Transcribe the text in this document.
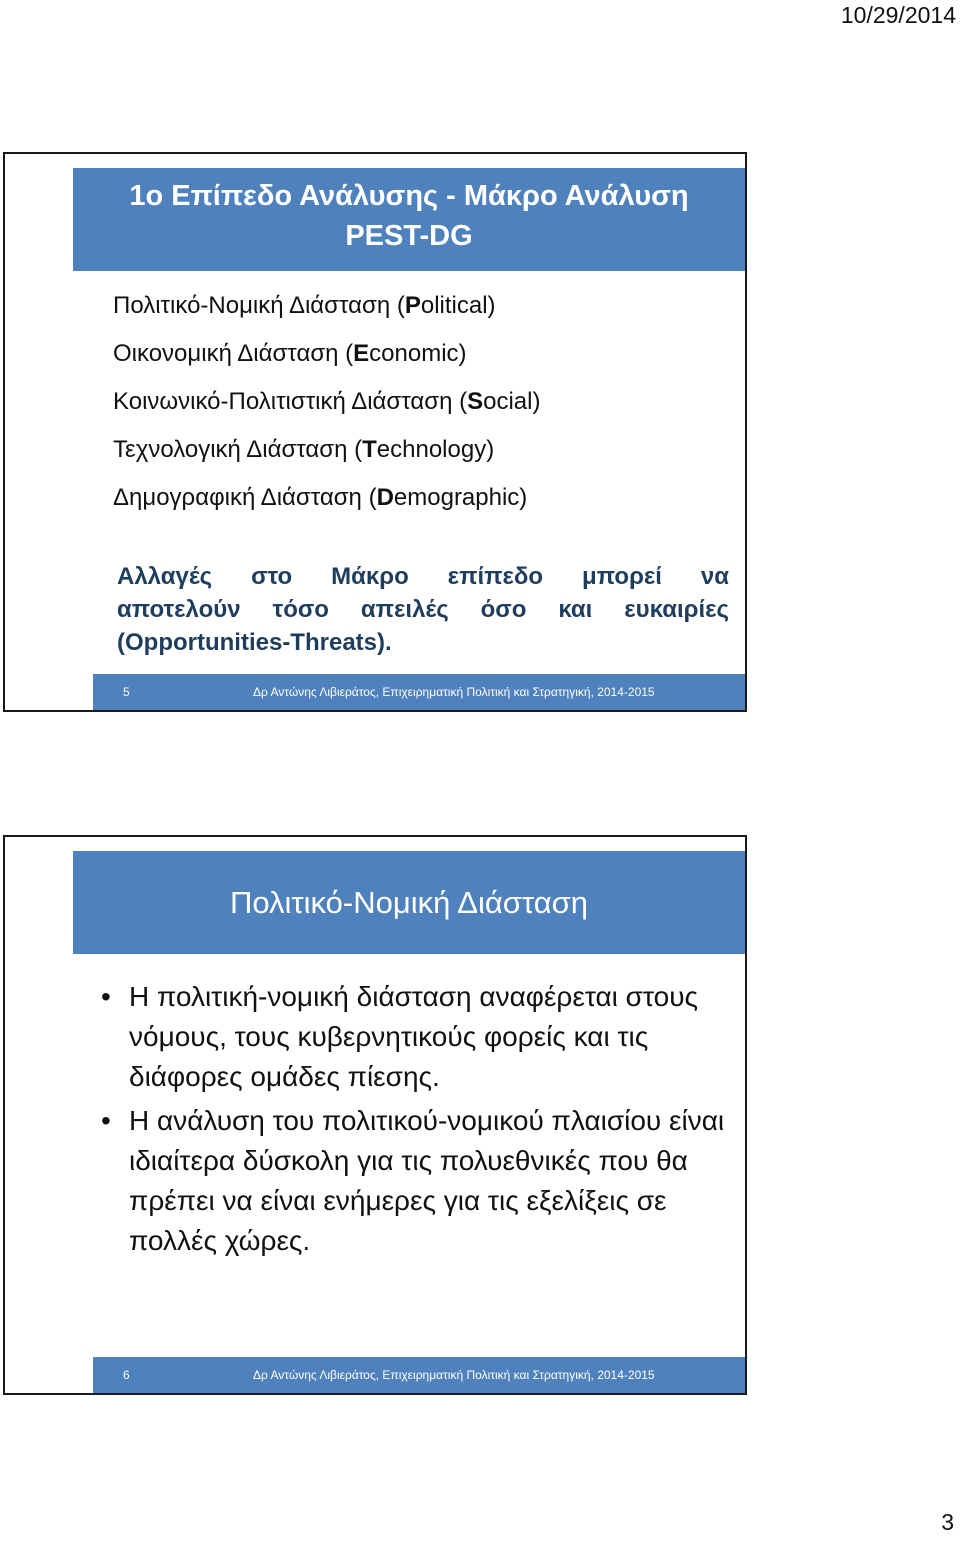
10/29/2014
1ο Επίπεδο Ανάλυσης - Μάκρο Ανάλυση
PEST-DG
Πολιτικό-Νομική Διάσταση (Political)
Οικονομική Διάσταση (Economic)
Κοινωνικό-Πολιτιστική Διάσταση (Social)
Τεχνολογική Διάσταση (Technology)
Δημογραφική Διάσταση (Demographic)
Αλλαγές στο Μάκρο επίπεδο μπορεί να αποτελούν τόσο απειλές όσο και ευκαιρίες (Opportunities-Threats).
5	Δρ Αντώνης Λιβιεράτος, Επιχειρηματική Πολιτική και Στρατηγική, 2014-2015
Πολιτικό-Νομική Διάσταση
• Η πολιτική-νομική διάσταση αναφέρεται στους νόμους, τους κυβερνητικούς φορείς και τις διάφορες ομάδες πίεσης.
• Η ανάλυση του πολιτικού-νομικού πλαισίου είναι ιδιαίτερα δύσκολη για τις πολυεθνικές που θα πρέπει να είναι ενήμερες για τις εξελίξεις σε πολλές χώρες.
6	Δρ Αντώνης Λιβιεράτος, Επιχειρηματική Πολιτική και Στρατηγική, 2014-2015
3
